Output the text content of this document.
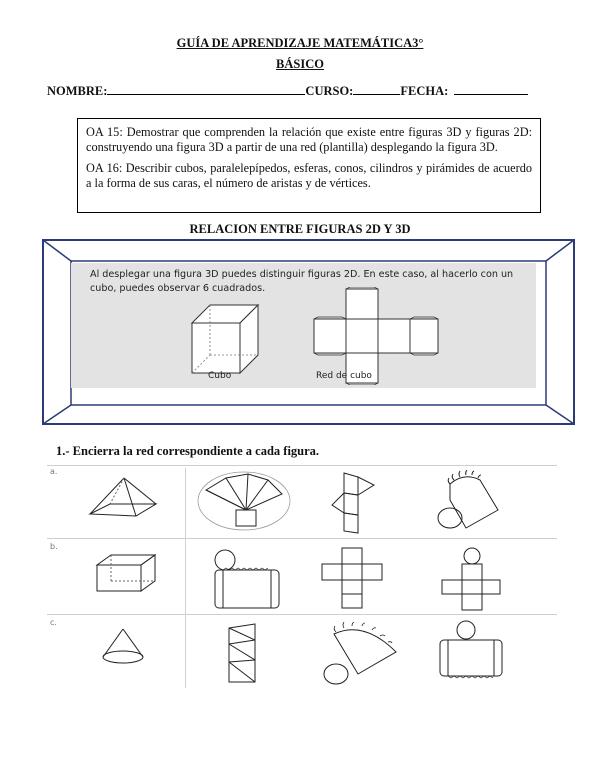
GUÍA DE APRENDIZAJE MATEMÁTICA3°
BÁSICO
NOMBRE:	CURSO:	FECHA:

OA 15: Demostrar que comprenden la relación que existe entre figuras 3D y figuras 2D: construyendo una figura 3D a partir de una red (plantilla) desplegando la figura 3D.

OA 16: Describir cubos, paralelepípedos, esferas, conos, cilindros y pirámides de acuerdo a la forma de sus caras, el número de aristas y de vértices.

RELACION ENTRE FIGURAS 2D Y 3D
Al desplegar una figura 3D puedes distinguir figuras 2D. En este caso, al hacerlo con un cubo, puedes observar 6 cuadrados.
Cubo	Red de cubo
1.- Encierra la red correspondiente a cada figura.
a.
b.
c.
